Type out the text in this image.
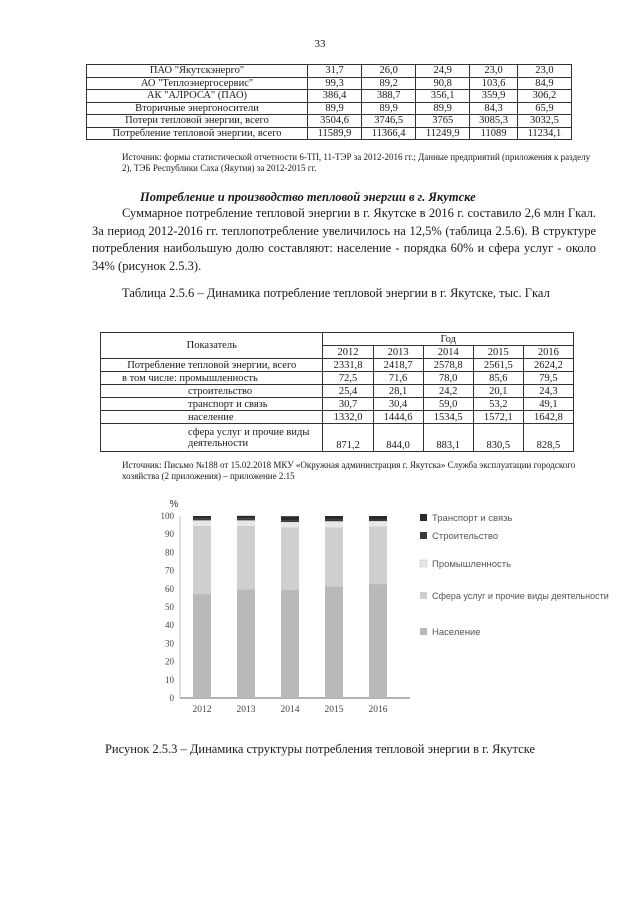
33
ПАО "Якутскэнерго"	31,7	26,0	24,9	23,0	23,0
АО "Теплоэнергосервис"	99,3	89,2	90,8	103,6	84,9
АК "АЛРОСА" (ПАО)	386,4	388,7	356,1	359,9	306,2
Вторичные энергоносители	89,9	89,9	89,9	84,3	65,9
Потери тепловой энергии, всего	3504,6	3746,5	3765	3085,3	3032,5
Потребление тепловой энергии, всего	11589,9	11366,4	11249,9	11089	11234,1
Источник: формы статистической отчетности 6-ТП, 11-ТЭР за 2012-2016 гг.; Данные предприятий (приложения к разделу 2), ТЭБ Республики Саха (Якутия) за 2012-2015 гг.
Потребление и производство тепловой энергии в г. Якутске
Суммарное потребление тепловой энергии в г. Якутске в 2016 г. составило 2,6 млн Гкал. За период 2012-2016 гг. теплопотребление увеличилось на 12,5% (таблица 2.5.6). В структуре потребления наибольшую долю составляют: население - порядка 60% и сфера услуг - около 34% (рисунок 2.5.3).
Таблица 2.5.6 – Динамика потребление тепловой энергии в г. Якутске, тыс. Гкал
Показатель	Год				
	2012	2013	2014	2015	2016
Потребление тепловой энергии, всего	2331,8	2418,7	2578,8	2561,5	2624,2
в том числе: промышленность	72,5	71,6	78,0	85,6	79,5
строительство	25,4	28,1	24,2	20,1	24,3
транспорт и связь	30,7	30,4	59,0	53,2	49,1
население	1332,0	1444,6	1534,5	1572,1	1642,8
сфера услуг и прочие виды деятельности	871,2	844,0	883,1	830,5	828,5
Источник: Письмо №188 от 15.02.2018 МКУ «Окружная администрация г. Якутска» Служба эксплуатации городского хозяйства (2 приложения) – приложение 2.15
%
0
10
20
30
40
50
60
70
80
90
100
2012	2013	2014	2015	2016
Транспорт и связь
Строительство
Промышленность
Сфера услуг и прочие виды деятельности
Население
Рисунок 2.5.3 – Динамика структуры потребления тепловой энергии в г. Якутске
